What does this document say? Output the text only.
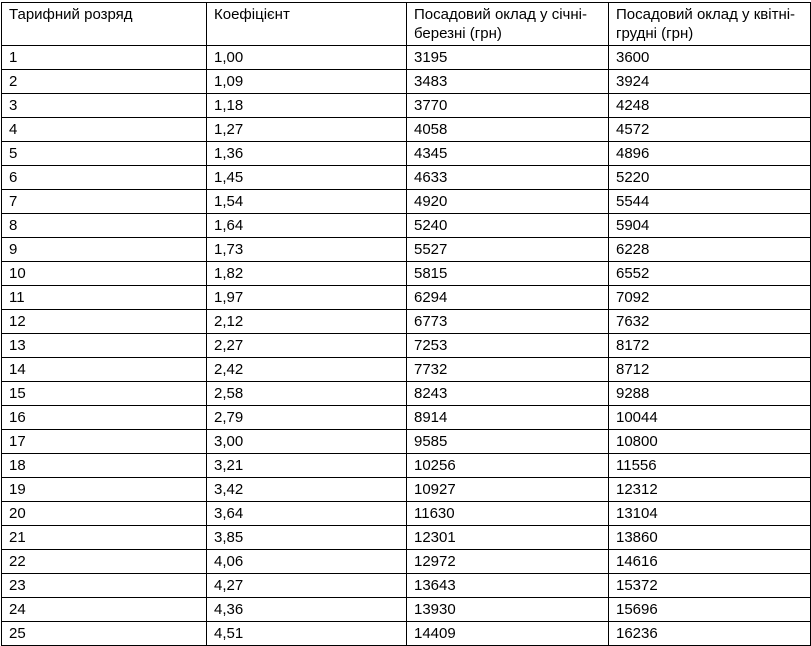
Тарифний розряд	Коефіцієнт	Посадовий оклад у січні-березні (грн)	Посадовий оклад у квітні-грудні (грн)
1	1,00	3195	3600
2	1,09	3483	3924
3	1,18	3770	4248
4	1,27	4058	4572
5	1,36	4345	4896
6	1,45	4633	5220
7	1,54	4920	5544
8	1,64	5240	5904
9	1,73	5527	6228
10	1,82	5815	6552
11	1,97	6294	7092
12	2,12	6773	7632
13	2,27	7253	8172
14	2,42	7732	8712
15	2,58	8243	9288
16	2,79	8914	10044
17	3,00	9585	10800
18	3,21	10256	11556
19	3,42	10927	12312
20	3,64	11630	13104
21	3,85	12301	13860
22	4,06	12972	14616
23	4,27	13643	15372
24	4,36	13930	15696
25	4,51	14409	16236
